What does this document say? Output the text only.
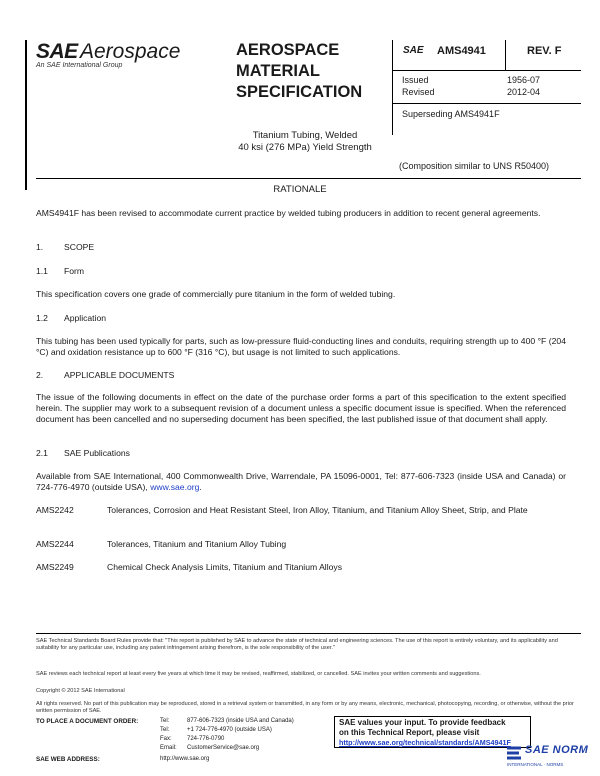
SAE Aerospace
An SAE International Group
AEROSPACE
MATERIAL
SPECIFICATION
SAE AMS4941	REV. F
Issued	1956-07
Revised	2012-04
Superseding AMS4941F
Titanium Tubing, Welded
40 ksi (276 MPa) Yield Strength
(Composition similar to UNS R50400)
RATIONALE
AMS4941F has been revised to accommodate current practice by welded tubing producers in addition to recent general agreements.
1. SCOPE
1.1 Form
This specification covers one grade of commercially pure titanium in the form of welded tubing.
1.2 Application
This tubing has been used typically for parts, such as low-pressure fluid-conducting lines and conduits, requiring strength up to 400 °F (204 °C) and oxidation resistance up to 600 °F (316 °C), but usage is not limited to such applications.
2. APPLICABLE DOCUMENTS
The issue of the following documents in effect on the date of the purchase order forms a part of this specification to the extent specified herein. The supplier may work to a subsequent revision of a document unless a specific document issue is specified. When the referenced document has been cancelled and no superseding document has been specified, the last published issue of that document shall apply.
2.1 SAE Publications
Available from SAE International, 400 Commonwealth Drive, Warrendale, PA 15096-0001, Tel: 877-606-7323 (inside USA and Canada) or 724-776-4970 (outside USA), www.sae.org.
AMS2242	Tolerances, Corrosion and Heat Resistant Steel, Iron Alloy, Titanium, and Titanium Alloy Sheet, Strip, and Plate
AMS2244	Tolerances, Titanium and Titanium Alloy Tubing
AMS2249	Chemical Check Analysis Limits, Titanium and Titanium Alloys
SAE Technical Standards Board Rules provide that: "This report is published by SAE to advance the state of technical and engineering sciences. The use of this report is entirely voluntary, and its applicability and suitability for any particular use, including any patent infringement arising therefrom, is the sole responsibility of the user."
SAE reviews each technical report at least every five years at which time it may be revised, reaffirmed, stabilized, or cancelled. SAE invites your written comments and suggestions.
Copyright © 2012 SAE International
All rights reserved. No part of this publication may be reproduced, stored in a retrieval system or transmitted, in any form or by any means, electronic, mechanical, photocopying, recording, or otherwise, without the prior written permission of SAE.
TO PLACE A DOCUMENT ORDER:	Tel:	877-606-7323 (inside USA and Canada)
Tel:	+1 724-776-4970 (outside USA)
Fax:	724-776-0790
Email: CustomerService@sae.org
SAE WEB ADDRESS:	http://www.sae.org
SAE values your input. To provide feedback
on this Technical Report, please visit
http://www.sae.org/technical/standards/AMS4941F
SAE NORM
INTERNATIONAL · NORMS
